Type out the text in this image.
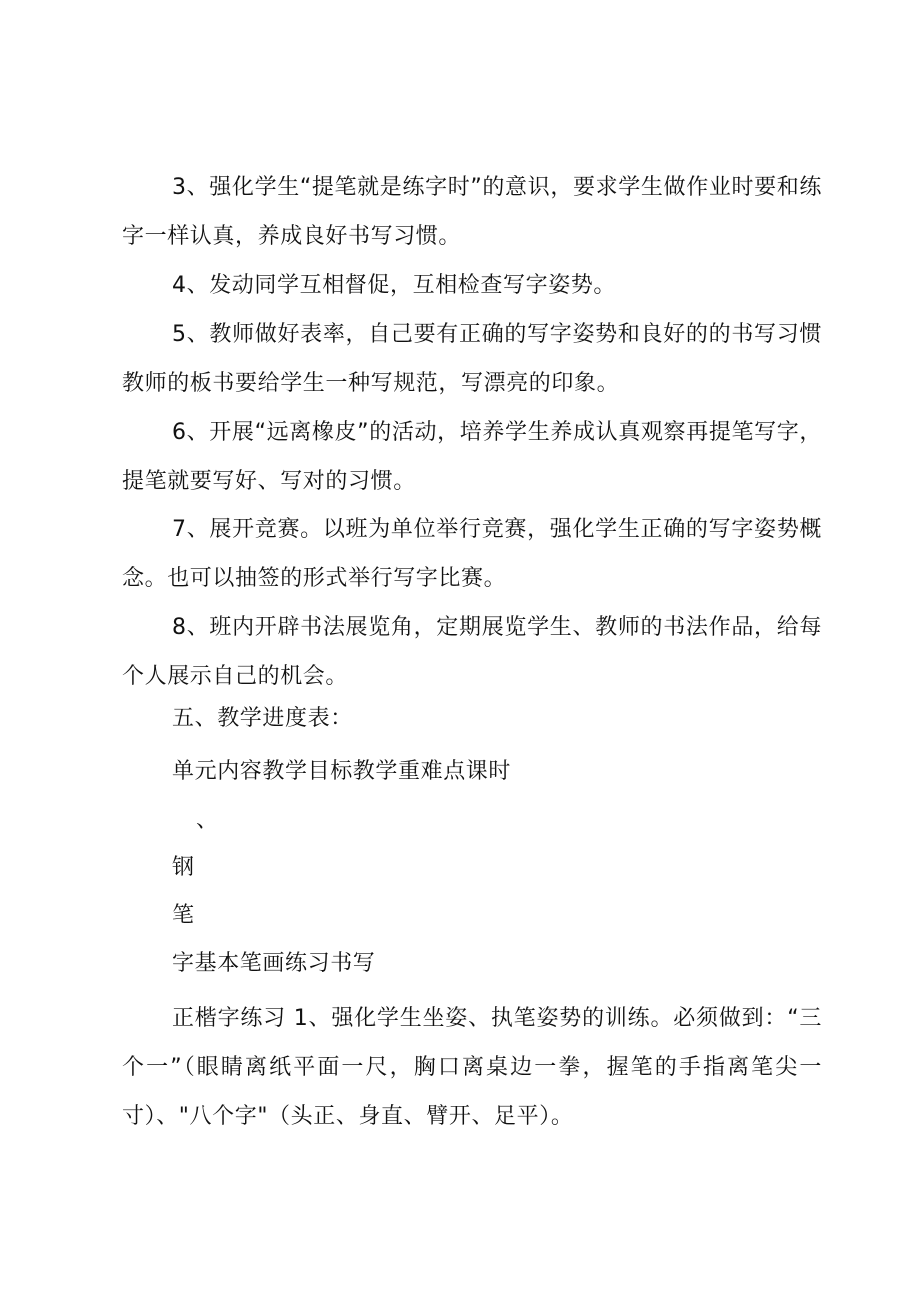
3、强化学生“提笔就是练字时”的意识，要求学生做作业时要和练字一样认真，养成良好书写习惯。

4、发动同学互相督促，互相检查写字姿势。

5、教师做好表率，自己要有正确的写字姿势和良好的的书写习惯教师的板书要给学生一种写规范，写漂亮的印象。

6、开展“远离橡皮”的活动，培养学生养成认真观察再提笔写字，提笔就要写好、写对的习惯。

7、展开竞赛。以班为单位举行竞赛，强化学生正确的写字姿势概念。也可以抽签的形式举行写字比赛。

8、班内开辟书法展览角，定期展览学生、教师的书法作品，给每个人展示自己的机会。

五、教学进度表：

单元内容教学目标教学重难点课时

、

钢

笔

字基本笔画练习书写

正楷字练习 1、强化学生坐姿、执笔姿势的训练。必须做到：“三个一”（眼睛离纸平面一尺，胸口离桌边一拳，握笔的手指离笔尖一寸）、"八个字"（头正、身直、臂开、足平）。
